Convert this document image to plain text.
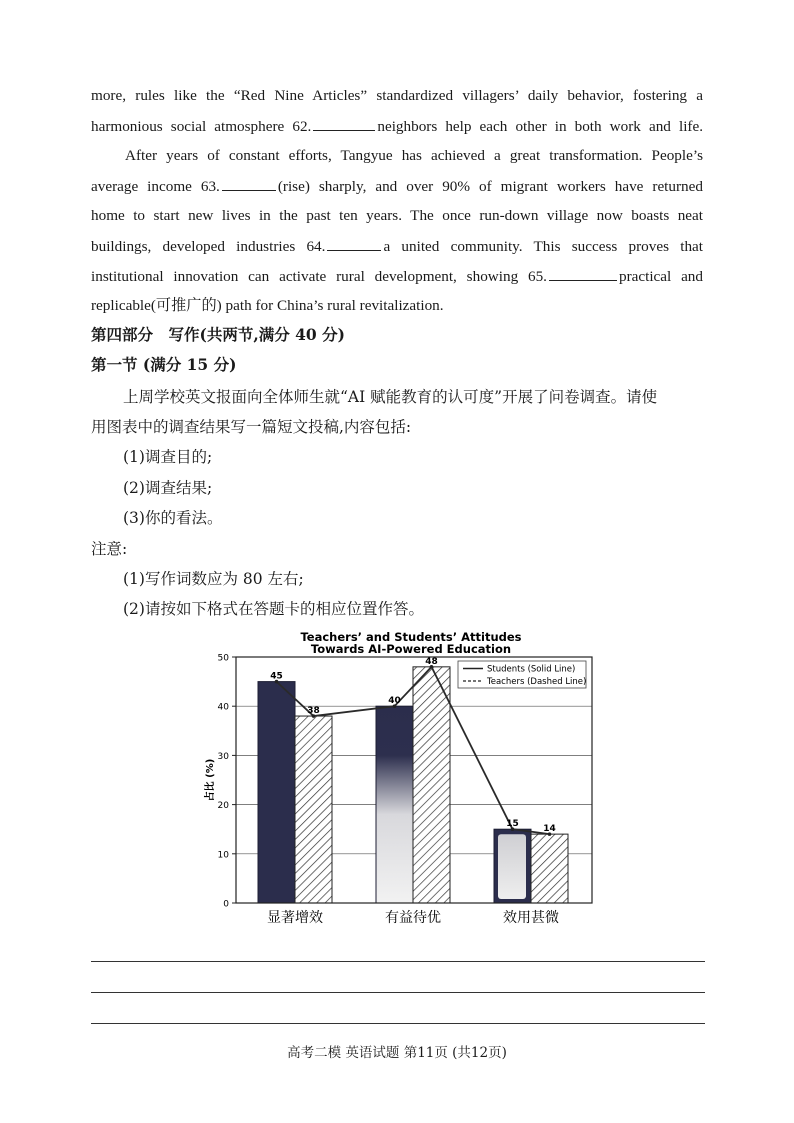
more, rules like the “Red Nine Articles” standardized villagers’ daily behavior, fostering a
harmonious social atmosphere 62.	neighbors help each other in both work and life.
After years of constant efforts, Tangyue has achieved a great transformation. People’s
average income 63.	(rise) sharply, and over 90% of migrant workers have returned
home to start new lives in the past ten years. The once run-down village now boasts neat
buildings, developed industries 64.	a united community. This success proves that
institutional innovation can activate rural development, showing 65.	practical and
replicable(可推广的) path for China’s rural revitalization.
第四部分　写作(共两节,满分 40 分)
第一节 (满分 15 分)
上周学校英文报面向全体师生就“AI 赋能教育的认可度”开展了问卷调查。请使
用图表中的调查结果写一篇短文投稿,内容包括:
(1)调查目的;
(2)调查结果;
(3)你的看法。
注意:
(1)写作词数应为 80 左右;
(2)请按如下格式在答题卡的相应位置作答。
Teachers’ and Students’ Attitudes
Towards AI-Powered Education
占比 (%)
45
38
显著增效
40
48
有益待优
15	14
效用甚微
0
10
20
30
40
50
Students (Solid Line)
Teachers (Dashed Line)
高考二模 英语试题 第11页 (共12页)
